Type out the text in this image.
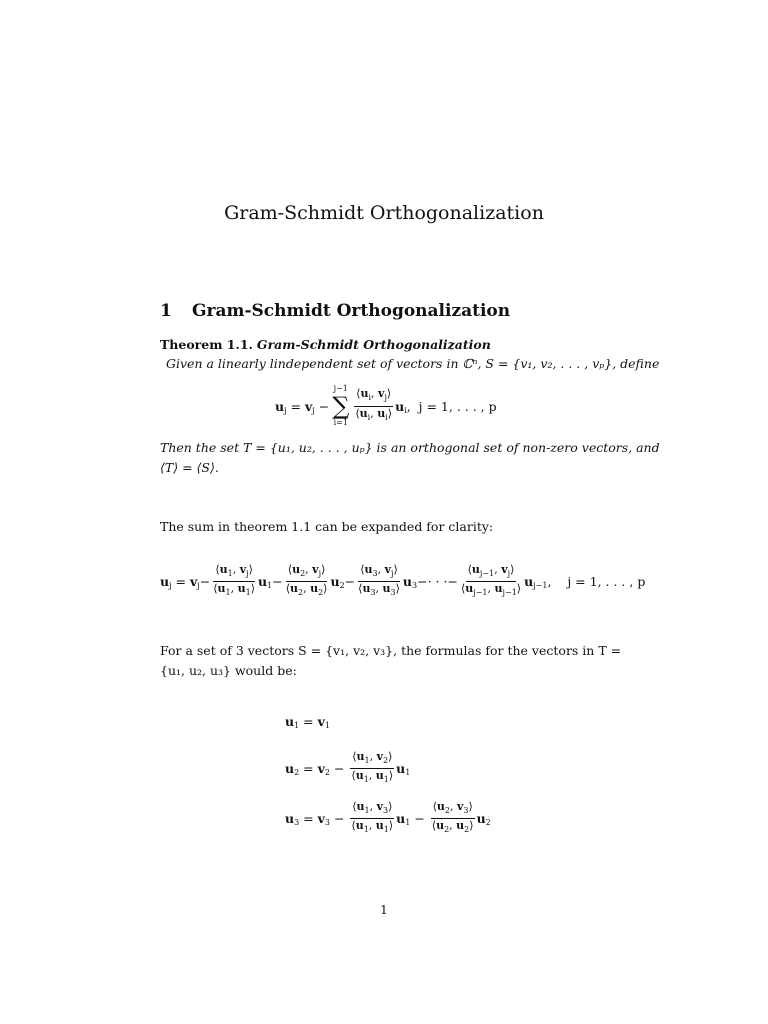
Gram-Schmidt Orthogonalization
1 Gram-Schmidt Orthogonalization
Theorem 1.1. Gram-Schmidt Orthogonalization
Given a linearly lindependent set of vectors in ℂⁿ, S = {v₁, v₂, . . . , vₚ}, define
$u_j = v_j$ −
j−1
∑
$i=1 \frac{⟨u_i, v_j⟩}{⟨u_i, u_i⟩} u_i$ ,  j = 1, . . . , p
Then the set T = {u₁, u₂, . . . , uₚ} is an orthogonal set of non-zero vectors, and
⟨T⟩ = ⟨S⟩.
The sum in theorem 1.1 can be expanded for clarity:
$u_j = v_j - \frac{⟨u_1, v_j⟩}{⟨u_1, u_1⟩} u_1 - \frac{⟨u_2, v_j⟩}{⟨u_2, u_2⟩} u_2 - \frac{⟨u_3, v_j⟩}{⟨u_3, u_3⟩} u_3$ −· · ·− $\frac{⟨u_{j-1}, v_j⟩}{⟨u_{j-1}, u_{j-1}⟩} u_{j-1}$ ,    j = 1, . . . , p
For a set of 3 vectors S = {v₁, v₂, v₃}, the formulas for the vectors in T =
{u₁, u₂, u₃} would be:
$u_1 = v_1$
$u_2 = v_2 - \frac{⟨u_1, v_2⟩}{⟨u_1, u_1⟩} u_1$
$u_3 = v_3 - \frac{⟨u_1, v_3⟩}{⟨u_1, u_1⟩} u_1 - \frac{⟨u_2, v_3⟩}{⟨u_2, u_2⟩} u_2$
1
